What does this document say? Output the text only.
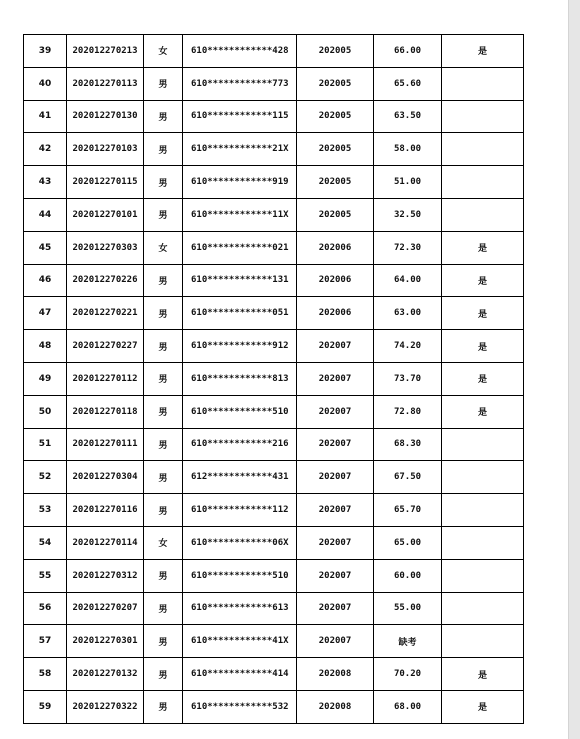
39	202012270213	女	610************428	202005	66.00	是
40	202012270113	男	610************773	202005	65.60	
41	202012270130	男	610************115	202005	63.50	
42	202012270103	男	610************21X	202005	58.00	
43	202012270115	男	610************919	202005	51.00	
44	202012270101	男	610************11X	202005	32.50	
45	202012270303	女	610************021	202006	72.30	是
46	202012270226	男	610************131	202006	64.00	是
47	202012270221	男	610************051	202006	63.00	是
48	202012270227	男	610************912	202007	74.20	是
49	202012270112	男	610************813	202007	73.70	是
50	202012270118	男	610************510	202007	72.80	是
51	202012270111	男	610************216	202007	68.30	
52	202012270304	男	612************431	202007	67.50	
53	202012270116	男	610************112	202007	65.70	
54	202012270114	女	610************06X	202007	65.00	
55	202012270312	男	610************510	202007	60.00	
56	202012270207	男	610************613	202007	55.00	
57	202012270301	男	610************41X	202007	缺考	
58	202012270132	男	610************414	202008	70.20	是
59	202012270322	男	610************532	202008	68.00	是
